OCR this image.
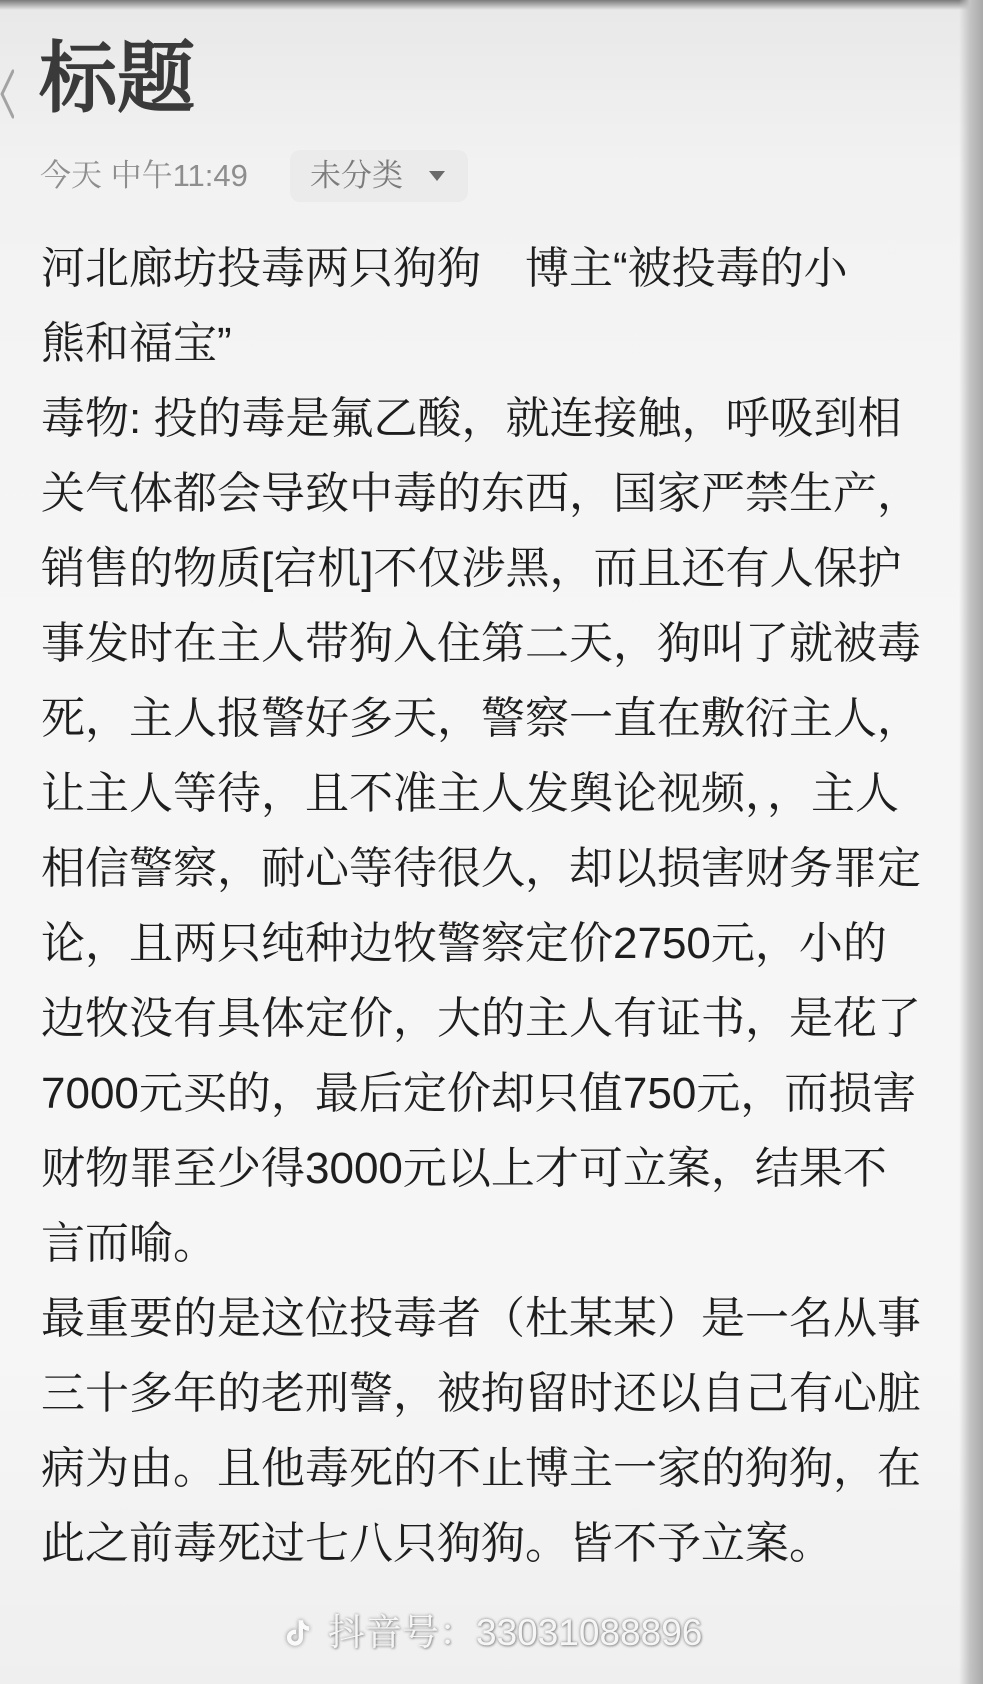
标题
今天 中午11:49 未分类
河北廊坊投毒两只狗狗　博主“被投毒的小
熊和福宝”
毒物: 投的毒是氟乙酸，就连接触，呼吸到相
关气体都会导致中毒的东西，国家严禁生产，
销售的物质[宕机]不仅涉黑，而且还有人保护
事发时在主人带狗入住第二天，狗叫了就被毒
死，主人报警好多天，警察一直在敷衍主人，
让主人等待，且不准主人发舆论视频，，主人
相信警察，耐心等待很久，却以损害财务罪定
论，且两只纯种边牧警察定价2750元，小的
边牧没有具体定价，大的主人有证书，是花了
7000元买的，最后定价却只值750元，而损害
财物罪至少得3000元以上才可立案，结果不
言而喻。
最重要的是这位投毒者（杜某某）是一名从事
三十多年的老刑警，被拘留时还以自己有心脏
病为由。且他毒死的不止博主一家的狗狗，在
此之前毒死过七八只狗狗。皆不予立案。
抖音号：33031088896
